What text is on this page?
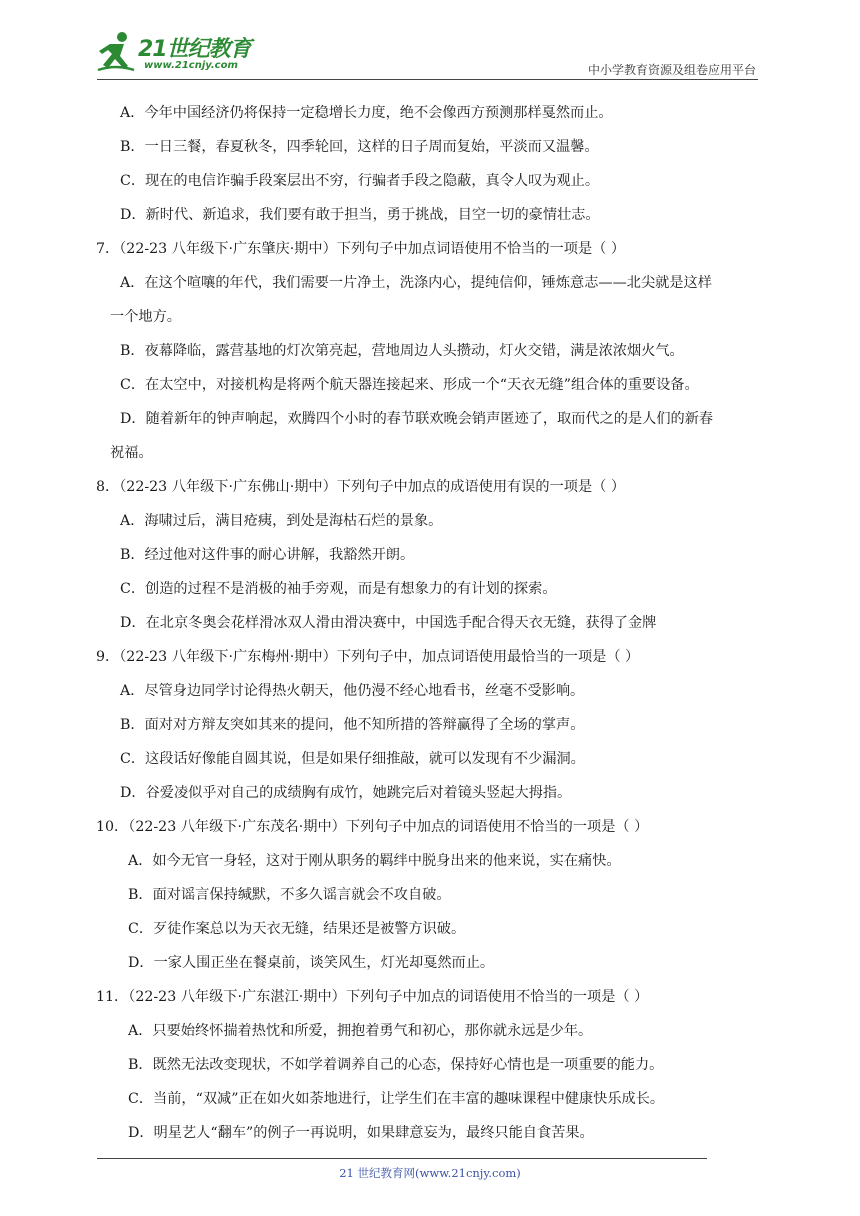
21世纪教育
www.21cnjy.com	中小学教育资源及组卷应用平台
A．今年中国经济仍将保持一定稳增长力度，绝不会像西方预测那样戛然而止。
B．一日三餐，春夏秋冬，四季轮回，这样的日子周而复始，平淡而又温馨。
C．现在的电信诈骗手段案层出不穷，行骗者手段之隐蔽，真令人叹为观止。
D．新时代、新追求，我们要有敢于担当，勇于挑战，目空一切的豪情壮志。
7．（22-23 八年级下·广东肇庆·期中）下列句子中加点词语使用不恰当的一项是（ ）
A．在这个喧嚷的年代，我们需要一片净土，洗涤内心，提纯信仰，锤炼意志——北尖就是这样
一个地方。
B．夜幕降临，露营基地的灯次第亮起，营地周边人头攒动，灯火交错，满是浓浓烟火气。
C．在太空中，对接机构是将两个航天器连接起来、形成一个“天衣无缝”组合体的重要设备。
D．随着新年的钟声响起，欢腾四个小时的春节联欢晚会销声匿迹了，取而代之的是人们的新春
祝福。
8．（22-23 八年级下·广东佛山·期中）下列句子中加点的成语使用有误的一项是（ ）
A．海啸过后，满目疮痍，到处是海枯石烂的景象。
B．经过他对这件事的耐心讲解，我豁然开朗。
C．创造的过程不是消极的袖手旁观，而是有想象力的有计划的探索。
D．在北京冬奥会花样滑冰双人滑由滑决赛中，中国选手配合得天衣无缝，获得了金牌
9．（22-23 八年级下·广东梅州·期中）下列句子中，加点词语使用最恰当的一项是（ ）
A．尽管身边同学讨论得热火朝天，他仍漫不经心地看书，丝毫不受影响。
B．面对对方辩友突如其来的提问，他不知所措的答辩赢得了全场的掌声。
C．这段话好像能自圆其说，但是如果仔细推敲，就可以发现有不少漏洞。
D．谷爱凌似乎对自己的成绩胸有成竹，她跳完后对着镜头竖起大拇指。
10．（22-23 八年级下·广东茂名·期中）下列句子中加点的词语使用不恰当的一项是（ ）
A．如今无官一身轻，这对于刚从职务的羁绊中脱身出来的他来说，实在痛快。
B．面对谣言保持缄默，不多久谣言就会不攻自破。
C．歹徒作案总以为天衣无缝，结果还是被警方识破。
D．一家人围正坐在餐桌前，谈笑风生，灯光却戛然而止。
11．（22-23 八年级下·广东湛江·期中）下列句子中加点的词语使用不恰当的一项是（ ）
A．只要始终怀揣着热忱和所爱，拥抱着勇气和初心，那你就永远是少年。
B．既然无法改变现状，不如学着调养自己的心态，保持好心情也是一项重要的能力。
C．当前，“双减”正在如火如荼地进行，让学生们在丰富的趣味课程中健康快乐成长。
D．明星艺人“翻车”的例子一再说明，如果肆意妄为，最终只能自食苦果。
21 世纪教育网(www.21cnjy.com)
